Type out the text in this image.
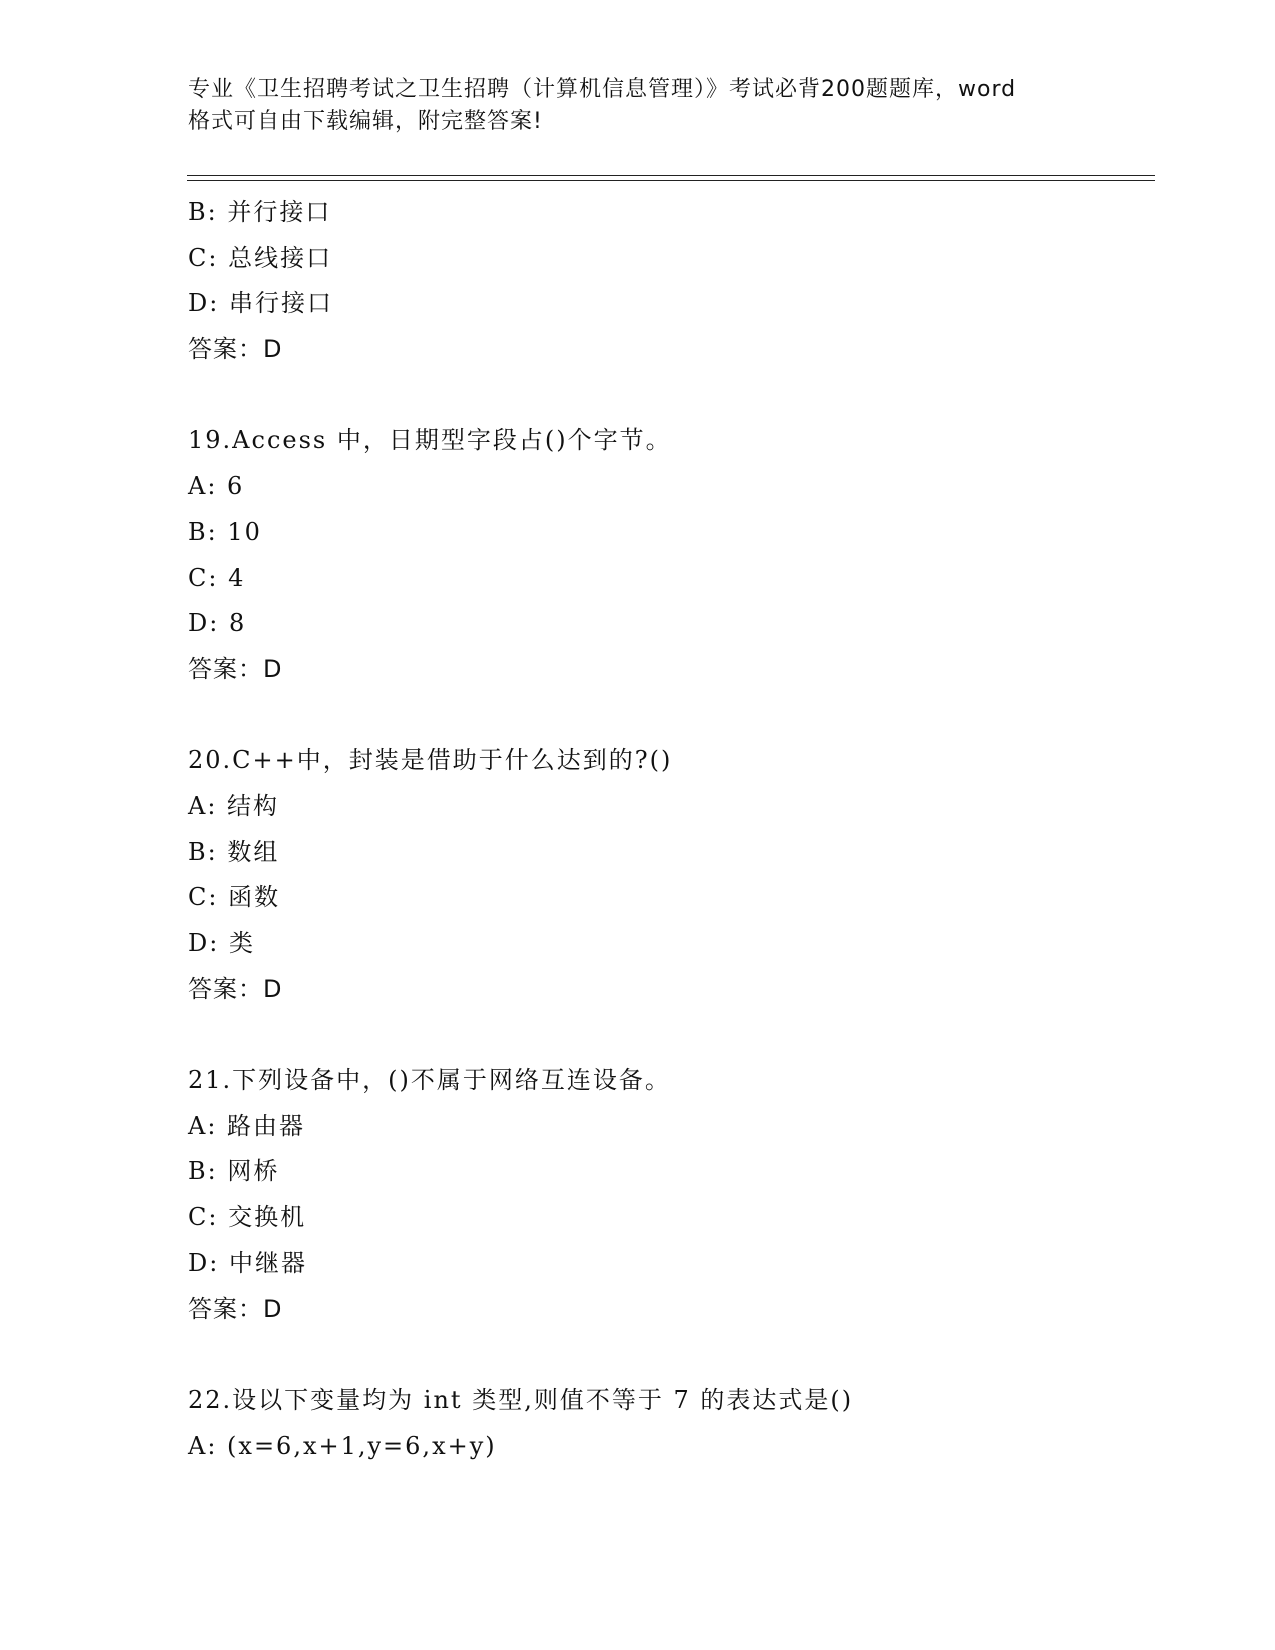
专业《卫生招聘考试之卫生招聘（计算机信息管理）》考试必背200题题库，word
格式可自由下载编辑，附完整答案!
B: 并行接口
C: 总线接口
D: 串行接口
答案：D
19.Access 中，日期型字段占()个字节。
A: 6
B: 10
C: 4
D: 8
答案：D
20.C++中，封装是借助于什么达到的?()
A: 结构
B: 数组
C: 函数
D: 类
答案：D
21.下列设备中，()不属于网络互连设备。
A: 路由器
B: 网桥
C: 交换机
D: 中继器
答案：D
22.设以下变量均为 int 类型,则值不等于 7 的表达式是()
A: (x=6,x+1,y=6,x+y)
